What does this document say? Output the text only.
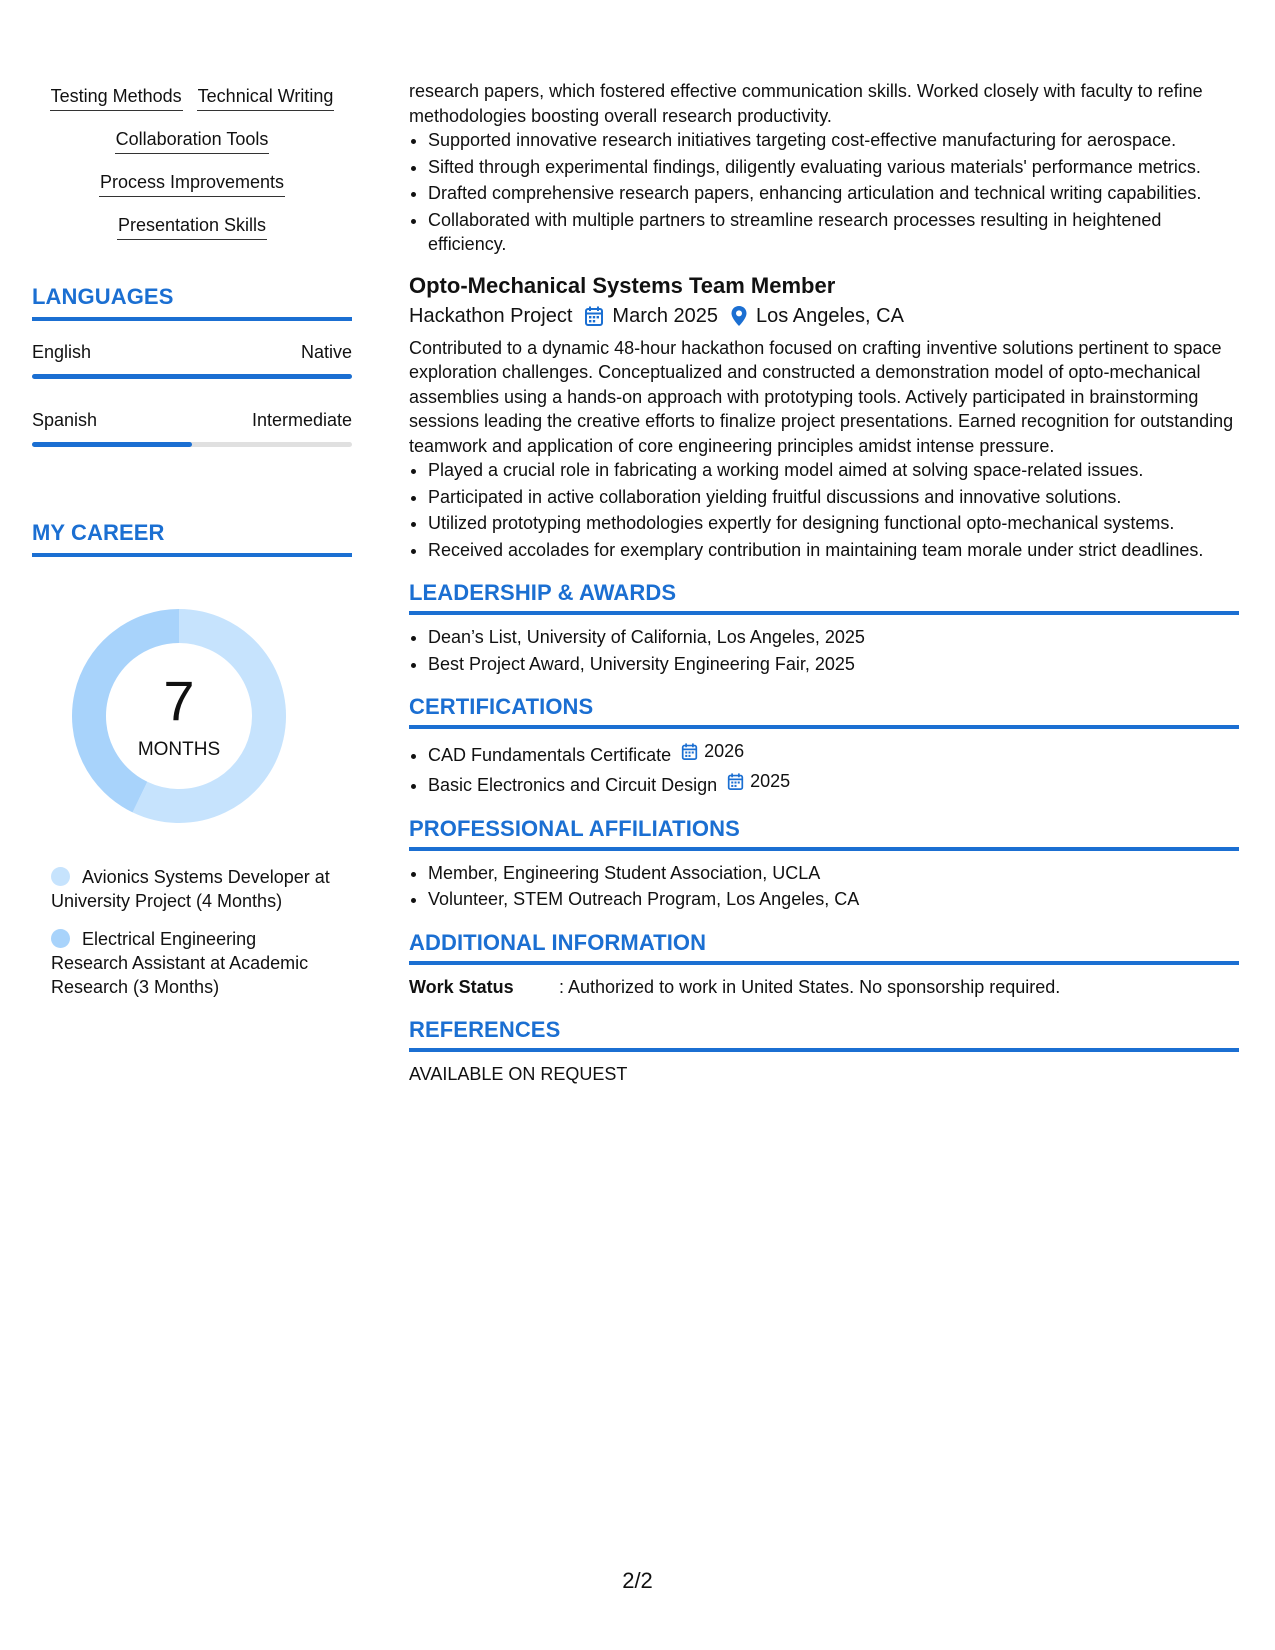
Testing Methods Technical Writing
Collaboration Tools
Process Improvements
Presentation Skills
LANGUAGES
English	Native
Spanish	Intermediate
MY CAREER
7
MONTHS
Avionics Systems Developer at University Project (4 Months)
Electrical Engineering Research Assistant at Academic Research (3 Months)

research papers, which fostered effective communication skills. Worked closely with faculty to refine methodologies boosting overall research productivity.

• Supported innovative research initiatives targeting cost-effective manufacturing for aerospace.
• Sifted through experimental findings, diligently evaluating various materials' performance metrics.
• Drafted comprehensive research papers, enhancing articulation and technical writing capabilities.
• Collaborated with multiple partners to streamline research processes resulting in heightened efficiency.
Opto-Mechanical Systems Team Member
Hackathon Project March 2025 Los Angeles, CA

Contributed to a dynamic 48-hour hackathon focused on crafting inventive solutions pertinent to space exploration challenges. Conceptualized and constructed a demonstration model of opto-mechanical assemblies using a hands-on approach with prototyping tools. Actively participated in brainstorming sessions leading the creative efforts to finalize project presentations. Earned recognition for outstanding teamwork and application of core engineering principles amidst intense pressure.

• Played a crucial role in fabricating a working model aimed at solving space-related issues.
• Participated in active collaboration yielding fruitful discussions and innovative solutions.
• Utilized prototyping methodologies expertly for designing functional opto-mechanical systems.
• Received accolades for exemplary contribution in maintaining team morale under strict deadlines.
LEADERSHIP & AWARDS
• Dean’s List, University of California, Los Angeles, 2025
• Best Project Award, University Engineering Fair, 2025
CERTIFICATIONS
• CAD Fundamentals Certificate 2026
• Basic Electronics and Circuit Design 2025
PROFESSIONAL AFFILIATIONS
• Member, Engineering Student Association, UCLA
• Volunteer, STEM Outreach Program, Los Angeles, CA
ADDITIONAL INFORMATION
Work Status	: Authorized to work in United States. No sponsorship required.
REFERENCES
AVAILABLE ON REQUEST
2/2
